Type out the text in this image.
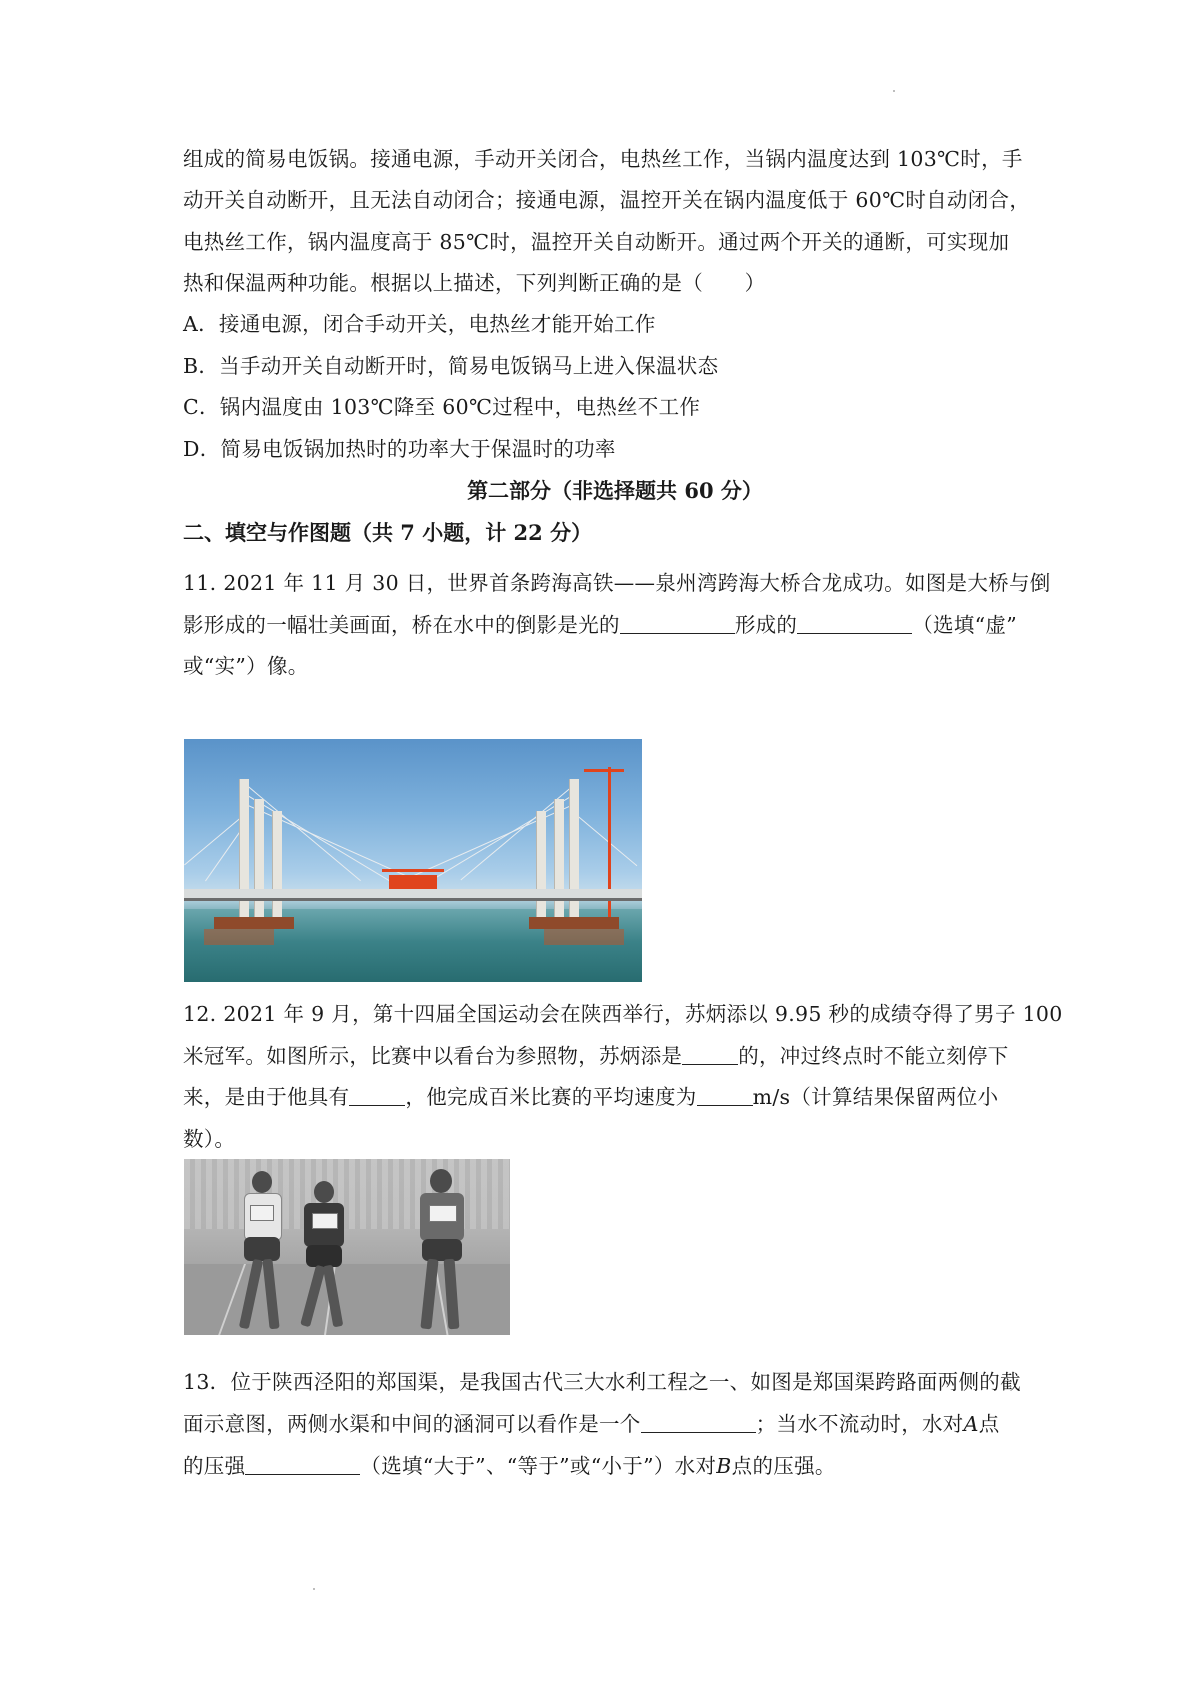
组成的简易电饭锅。接通电源，手动开关闭合，电热丝工作，当锅内温度达到 103℃时，手
动开关自动断开，且无法自动闭合；接通电源，温控开关在锅内温度低于 60℃时自动闭合，
电热丝工作，锅内温度高于 85℃时，温控开关自动断开。通过两个开关的通断，可实现加
热和保温两种功能。根据以上描述，下列判断正确的是（　　）
A．接通电源，闭合手动开关，电热丝才能开始工作
B．当手动开关自动断开时，简易电饭锅马上进入保温状态
C．锅内温度由 103℃降至 60℃过程中，电热丝不工作
D．简易电饭锅加热时的功率大于保温时的功率
第二部分（非选择题共 60 分）
二、填空与作图题（共 7 小题，计 22 分）
11. 2021 年 11 月 30 日，世界首条跨海高铁——泉州湾跨海大桥合龙成功。如图是大桥与倒
影形成的一幅壮美画面，桥在水中的倒影是光的	形成的	（选填“虚”
或“实”）像。
12. 2021 年 9 月，第十四届全国运动会在陕西举行，苏炳添以 9.95 秒的成绩夺得了男子 100
米冠军。如图所示，比赛中以看台为参照物，苏炳添是	的，冲过终点时不能立刻停下
来，是由于他具有	，他完成百米比赛的平均速度为	m/s（计算结果保留两位小
数）。
13．位于陕西泾阳的郑国渠，是我国古代三大水利工程之一、如图是郑国渠跨路面两侧的截
面示意图，两侧水渠和中间的涵洞可以看作是一个	；当水不流动时，水对A点
的压强	（选填“大于”、“等于”或“小于”）水对B点的压强。
